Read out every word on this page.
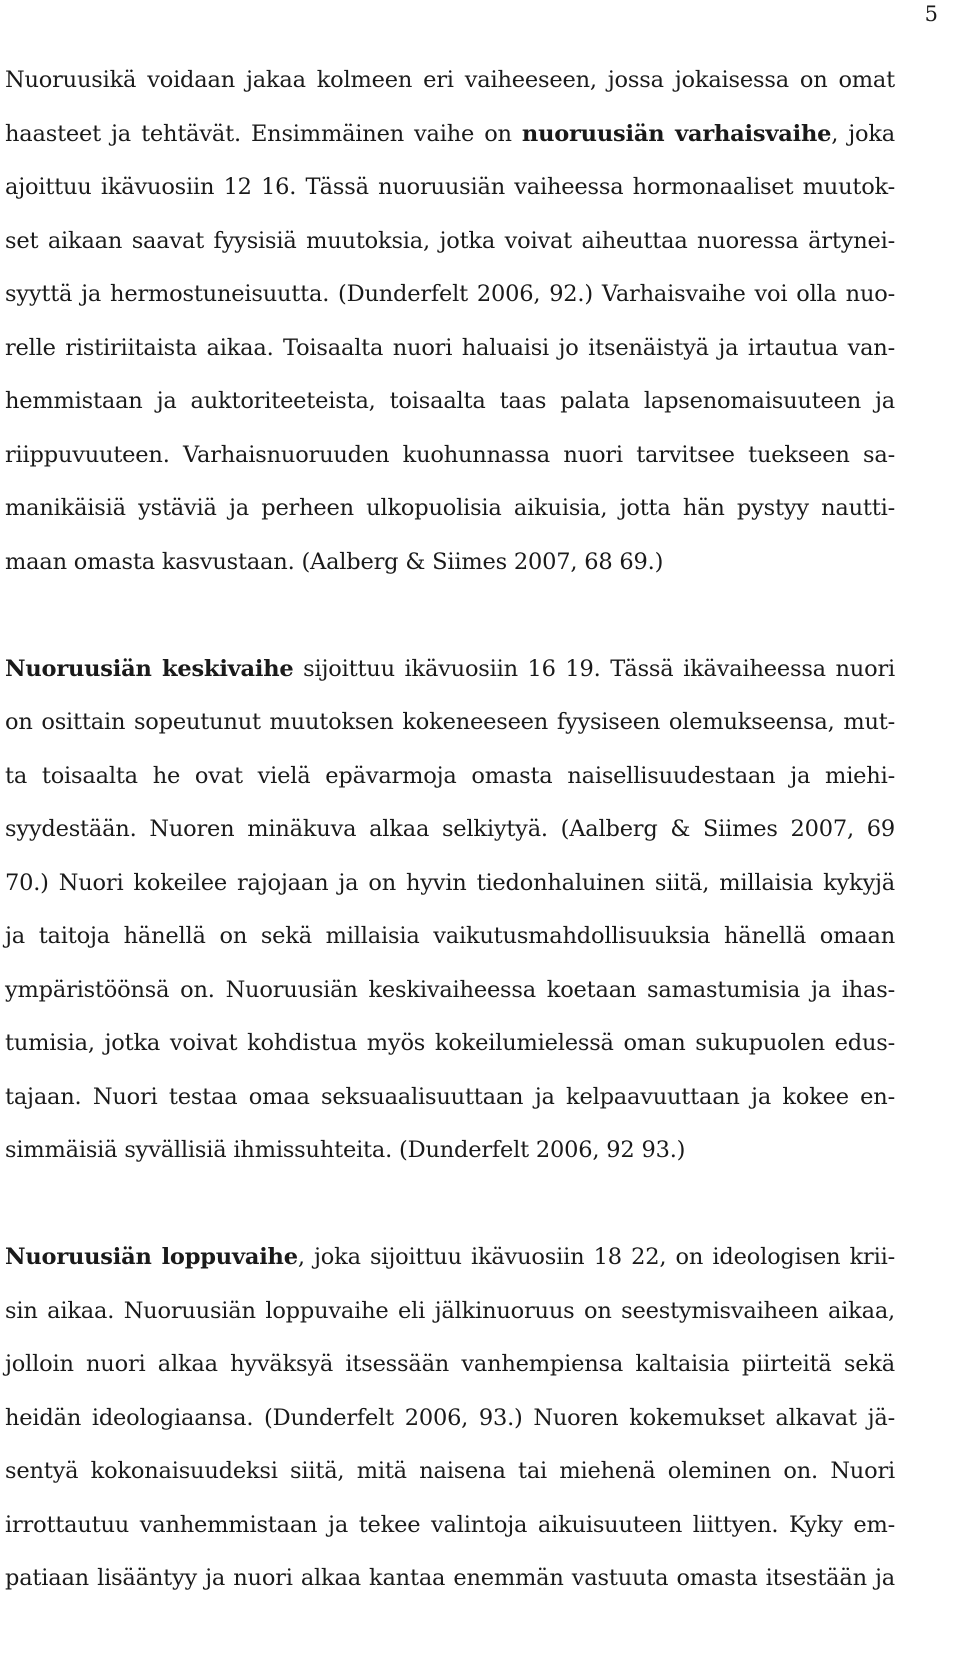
5
Nuoruusikä voidaan jakaa kolmeen eri vaiheeseen, jossa jokaisessa on omat
haasteet ja tehtävät. Ensimmäinen vaihe on nuoruusiän varhaisvaihe, joka
ajoittuu ikävuosiin 12 16. Tässä nuoruusiän vaiheessa hormonaaliset muutok-
set aikaan saavat fyysisiä muutoksia, jotka voivat aiheuttaa nuoressa ärtynei-
syyttä ja hermostuneisuutta. (Dunderfelt 2006, 92.) Varhaisvaihe voi olla nuo-
relle ristiriitaista aikaa. Toisaalta nuori haluaisi jo itsenäistyä ja irtautua van-
hemmistaan ja auktoriteeteista, toisaalta taas palata lapsenomaisuuteen ja
riippuvuuteen. Varhaisnuoruuden kuohunnassa nuori tarvitsee tuekseen sa-
manikäisiä ystäviä ja perheen ulkopuolisia aikuisia, jotta hän pystyy nautti-
maan omasta kasvustaan. (Aalberg & Siimes 2007, 68 69.)
Nuoruusiän keskivaihe sijoittuu ikävuosiin 16 19. Tässä ikävaiheessa nuori
on osittain sopeutunut muutoksen kokeneeseen fyysiseen olemukseensa, mut-
ta toisaalta he ovat vielä epävarmoja omasta naisellisuudestaan ja miehi-
syydestään. Nuoren minäkuva alkaa selkiytyä. (Aalberg & Siimes 2007, 69
70.) Nuori kokeilee rajojaan ja on hyvin tiedonhaluinen siitä, millaisia kykyjä
ja taitoja hänellä on sekä millaisia vaikutusmahdollisuuksia hänellä omaan
ympäristöönsä on. Nuoruusiän keskivaiheessa koetaan samastumisia ja ihas-
tumisia, jotka voivat kohdistua myös kokeilumielessä oman sukupuolen edus-
tajaan. Nuori testaa omaa seksuaalisuuttaan ja kelpaavuuttaan ja kokee en-
simmäisiä syvällisiä ihmissuhteita. (Dunderfelt 2006, 92 93.)
Nuoruusiän loppuvaihe, joka sijoittuu ikävuosiin 18 22, on ideologisen krii-
sin aikaa. Nuoruusiän loppuvaihe eli jälkinuoruus on seestymisvaiheen aikaa,
jolloin nuori alkaa hyväksyä itsessään vanhempiensa kaltaisia piirteitä sekä
heidän ideologiaansa. (Dunderfelt 2006, 93.) Nuoren kokemukset alkavat jä-
sentyä kokonaisuudeksi siitä, mitä naisena tai miehenä oleminen on. Nuori
irrottautuu vanhemmistaan ja tekee valintoja aikuisuuteen liittyen. Kyky em-
patiaan lisääntyy ja nuori alkaa kantaa enemmän vastuuta omasta itsestään ja
